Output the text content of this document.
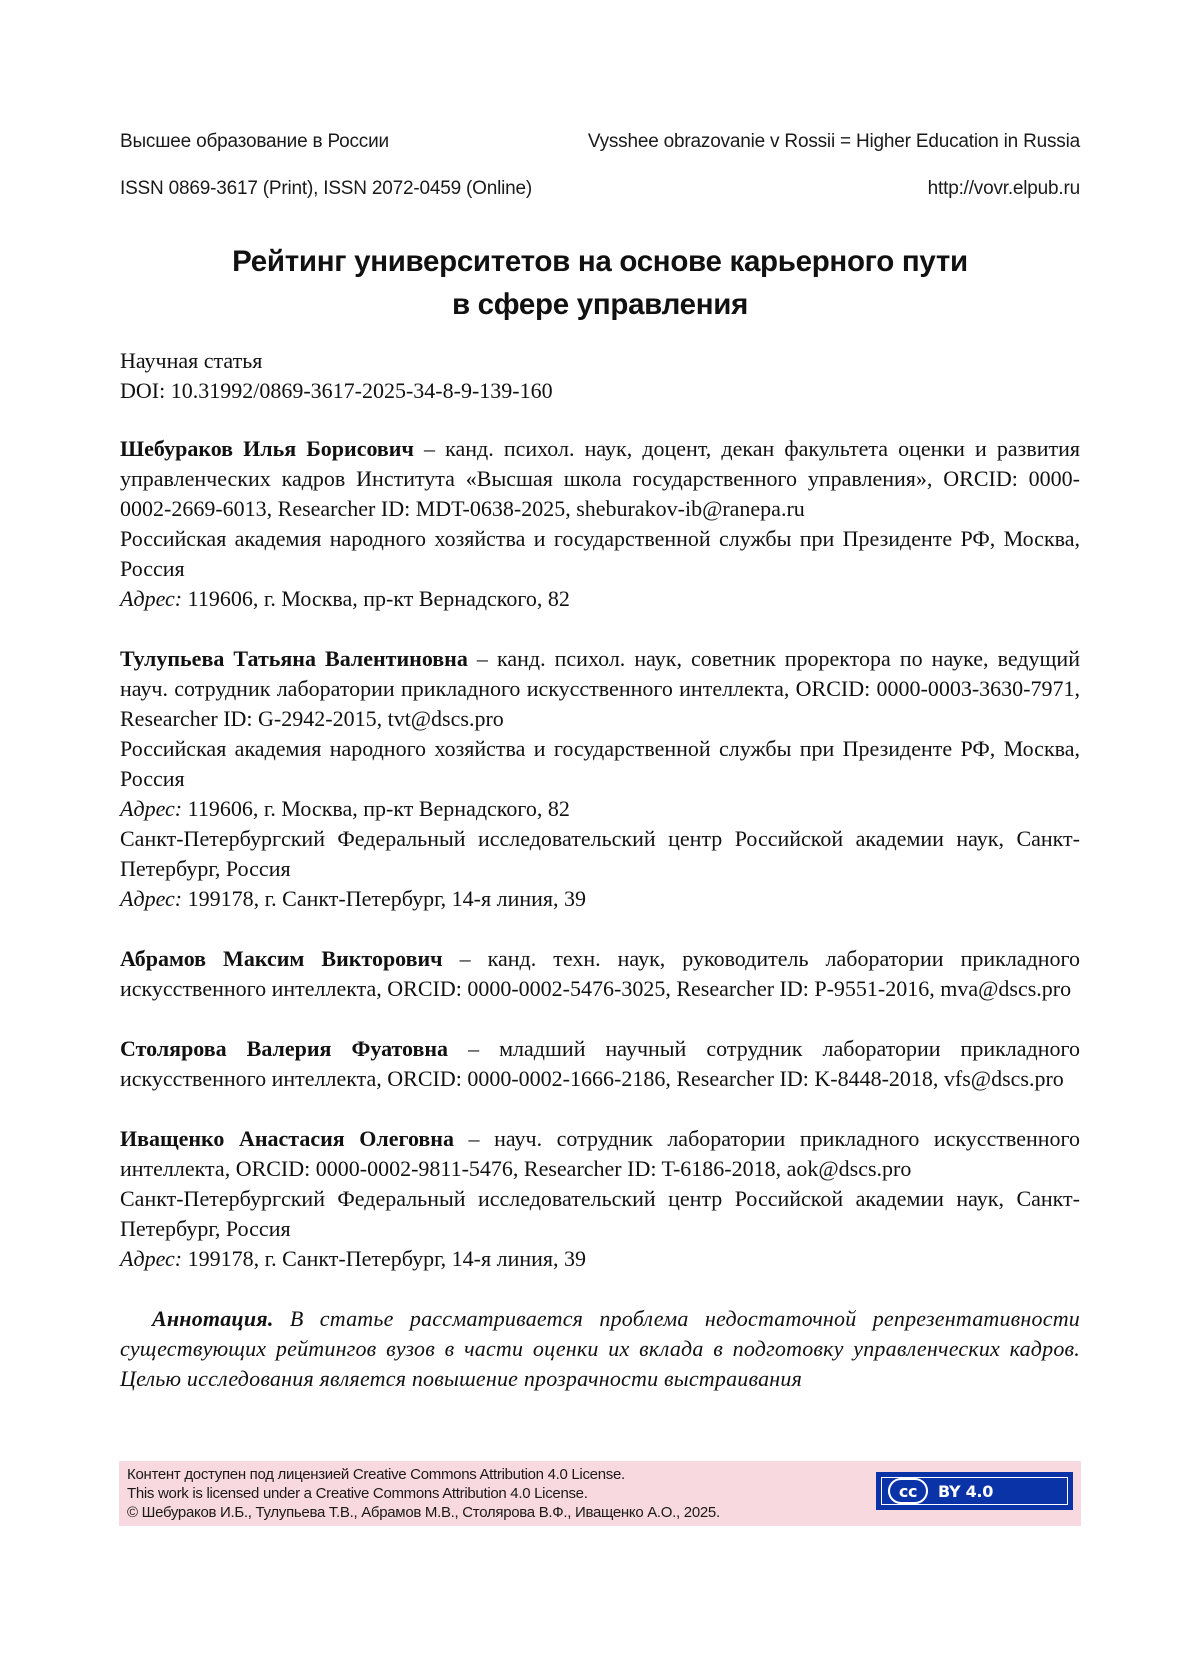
Высшее образование в России	Vysshee obrazovanie v Rossii = Higher Education in Russia
ISSN 0869-3617 (Print), ISSN 2072-0459 (Online)	http://vovr.elpub.ru
Рейтинг университетов на основе карьерного пути
в сфере управления

Научная статья

DOI: 10.31992/0869-3617-2025-34-8-9-139-160

Шебураков Илья Борисович – канд. психол. наук, доцент, декан факультета оценки и развития управленческих кадров Института «Высшая школа государственного управления», ORCID: 0000-0002-2669-6013, Researcher ID: MDT-0638-2025, sheburakov-ib@ranepa.ru

Российская академия народного хозяйства и государственной службы при Президенте РФ, Москва, Россия

Адрес: 119606, г. Москва, пр-кт Вернадского, 82

Тулупьева Татьяна Валентиновна – канд. психол. наук, советник проректора по науке, ведущий науч. сотрудник лаборатории прикладного искусственного интеллекта, ORCID: 0000-0003-3630-7971, Researcher ID: G-2942-2015, tvt@dscs.pro

Российская академия народного хозяйства и государственной службы при Президенте РФ, Москва, Россия

Адрес: 119606, г. Москва, пр-кт Вернадского, 82

Санкт-Петербургский Федеральный исследовательский центр Российской академии наук, Санкт-Петербург, Россия

Адрес: 199178, г. Санкт-Петербург, 14-я линия, 39

Абрамов Максим Викторович – канд. техн. наук, руководитель лаборатории прикладного искусственного интеллекта, ORCID: 0000-0002-5476-3025, Researcher ID: P-9551-2016, mva@dscs.pro

Столярова Валерия Фуатовна – младший научный сотрудник лаборатории прикладного искусственного интеллекта, ORCID: 0000-0002-1666-2186, Researcher ID: K-8448-2018, vfs@dscs.pro

Иващенко Анастасия Олеговна – науч. сотрудник лаборатории прикладного искусственного интеллекта, ORCID: 0000-0002-9811-5476, Researcher ID: T-6186-2018, aok@dscs.pro

Санкт-Петербургский Федеральный исследовательский центр Российской академии наук, Санкт-Петербург, Россия

Адрес: 199178, г. Санкт-Петербург, 14-я линия, 39

Аннотация. В статье рассматривается проблема недостаточной репрезентативности существующих рейтингов вузов в части оценки их вклада в подготовку управленческих кадров. Целью исследования является повышение прозрачности выстраивания

Контент доступен под лицензией Creative Commons Attribution 4.0 License.
This work is licensed under a Creative Commons Attribution 4.0 License.
© Шебураков И.Б., Тулупьева Т.В., Абрамов М.В., Столярова В.Ф., Иващенко А.О., 2025.
cc	BY 4.0
